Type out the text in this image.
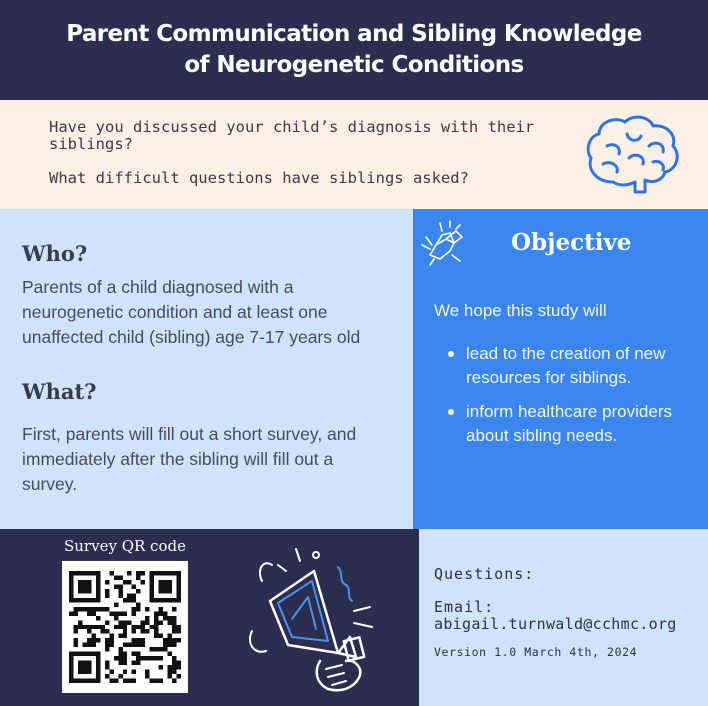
Parent Communication and Sibling Knowledge of Neurogenetic Conditions

Have you discussed your child’s diagnosis with their siblings?

What difficult questions have siblings asked?

Who?

Parents of a child diagnosed with a neurogenetic condition and at least one unaffected child (sibling) age 7-17 years old

What?

First, parents will fill out a short survey, and immediately after the sibling will fill out a survey.

Objective

We hope this study will

lead to the creation of new resources for siblings.
inform healthcare providers about sibling needs.

Survey QR code

Questions:

Email:

abigail.turnwald@cchmc.org

Version 1.0 March 4th, 2024
